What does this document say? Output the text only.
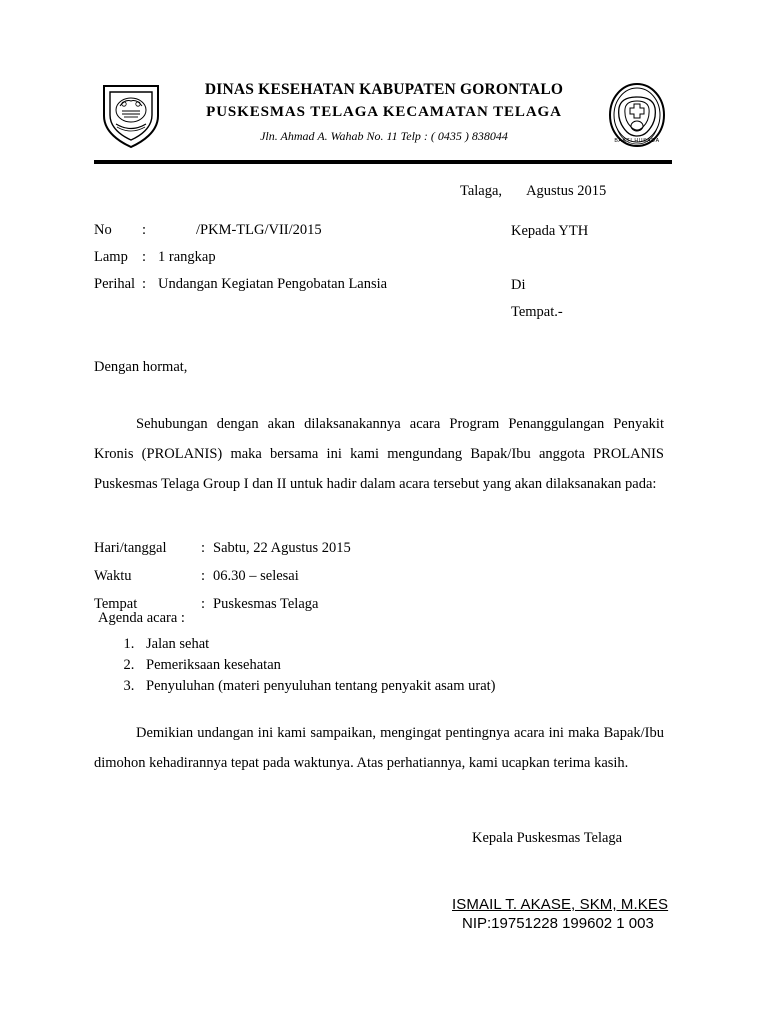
DINAS KESEHATAN KABUPATEN GORONTALO
PUSKESMAS TELAGA KECAMATAN TELAGA
Jln. Ahmad A. Wahab No. 11 Telp : ( 0435 ) 838044	BAKTI HUSADA
Talaga, Agustus 2015
No	:	/PKM-TLG/VII/2015
Lamp : 1 rangkap
Perihal : Undangan Kegiatan Pengobatan Lansia
Kepada YTH
Di
Tempat.-
Dengan hormat,
Sehubungan dengan akan dilaksanakannya acara Program Penanggulangan Penyakit Kronis (PROLANIS) maka bersama ini kami mengundang Bapak/Ibu anggota PROLANIS Puskesmas Telaga Group I dan II untuk hadir dalam acara tersebut yang akan dilaksanakan pada:
Hari/tanggal	: Sabtu, 22 Agustus 2015
Waktu	: 06.30 – selesai
Tempat	: Puskesmas Telaga
Agenda acara :
1. Jalan sehat
2. Pemeriksaan kesehatan
3. Penyuluhan (materi penyuluhan tentang penyakit asam urat)
Demikian undangan ini kami sampaikan, mengingat pentingnya acara ini maka Bapak/Ibu dimohon kehadirannya tepat pada waktunya. Atas perhatiannya, kami ucapkan terima kasih.
Kepala Puskesmas Telaga
ISMAIL T. AKASE, SKM, M.KES
NIP:19751228 199602 1 003
